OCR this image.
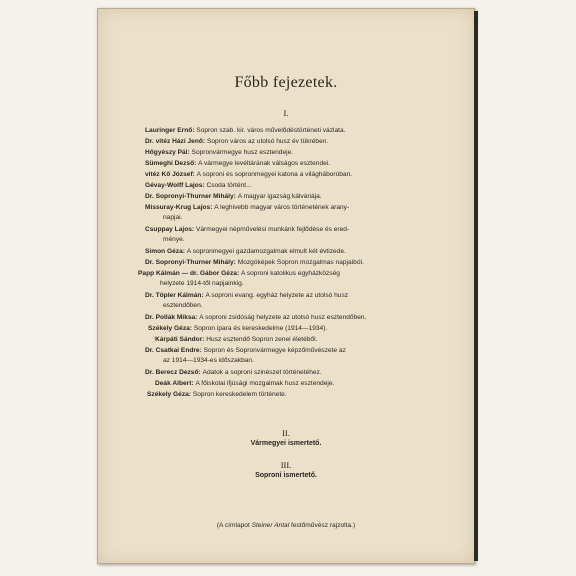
Főbb fejezetek.
I.
Lauringer Ernő: Sopron szab. kir. város művelődéstörténeti vázlata.
Dr. vitéz Házi Jenő: Sopron város az utolsó husz év tükrében.
Hőgyészy Pál: Sopronvármegye husz esztendeje.
Sümeghi Dezső: A vármegye levéltárának válságos esztendei.
vitéz Kő József: A soproni és sopronmegyei katona a világháborúban.
Gévay-Wolff Lajos: Csoda történt...
Dr. Sopronyi-Thurner Mihály: A magyar igazság kálváriája.
Missuray-Krug Lajos: A leghivebb magyar város történetének arany-
napjai.
Csuppay Lajos: Vármegyei népművelési munkánk fejlődése és ered-
ménye.
Simon Géza: A sopronmegyei gazdamozgalmak elmult két évtizede.
Dr. Sopronyi-Thurner Mihály: Mozgóképek Sopron mozgalmas napjaiból.
Papp Kálmán — dr. Gábor Géza: A soproni katolikus egyházközség
helyzete 1914-től napjainkig.
Dr. Töpler Kálmán: A soproni evang. egyház helyzete az utolsó husz
esztendőben.
Dr. Pollák Miksa: A soproni zsidóság helyzete az utolsó husz esztendőben.
Székely Géza: Sopron ipara és kereskedelme (1914—1934).
Kárpáti Sándor: Husz esztendő Sopron zenei életéből.
Dr. Csatkai Endre: Sopron és Sopronvármegye képzőművészete az
az 1914—1934-es időszakban.
Dr. Berecz Dezső: Adatok a soproni szinészet történetéhez.
Deák Albert: A főiskolai ifjúsági mozgalmak husz esztendeje.
Székely Géza: Sopron kereskedelem története.
II.
Vármegyei ismertető.
III.
Soproni ismertető.
(A címlapot Steiner Antal festőművész rajzolta.)
